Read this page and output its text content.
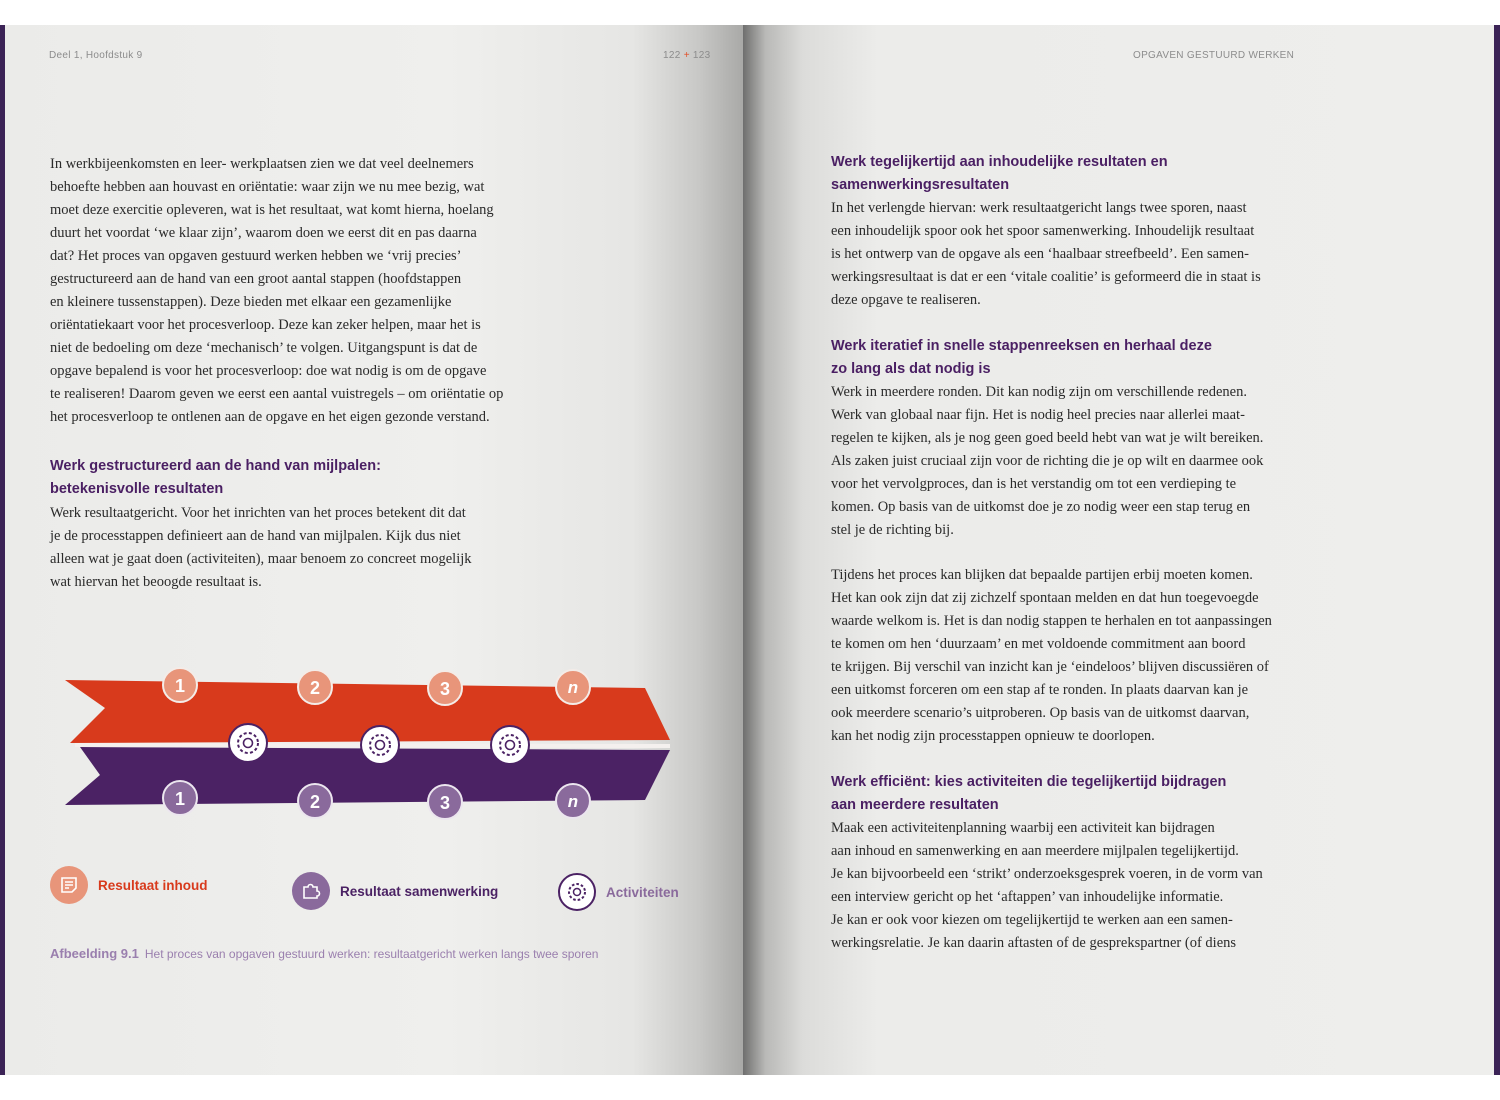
Deel 1, Hoofdstuk 9	122 + 123
In werkbijeenkomsten en leer- werkplaatsen zien we dat veel deelnemers
behoefte hebben aan houvast en oriëntatie: waar zijn we nu mee bezig, wat
moet deze exercitie opleveren, wat is het resultaat, wat komt hierna, hoelang
duurt het voordat ‘we klaar zijn’, waarom doen we eerst dit en pas daarna
dat? Het proces van opgaven gestuurd werken hebben we ‘vrij precies’
gestructureerd aan de hand van een groot aantal stappen (hoofdstappen
en kleinere tussenstappen). Deze bieden met elkaar een gezamenlijke
oriëntatiekaart voor het procesverloop. Deze kan zeker helpen, maar het is
niet de bedoeling om deze ‘mechanisch’ te volgen. Uitgangspunt is dat de
opgave bepalend is voor het procesverloop: doe wat nodig is om de opgave
te realiseren! Daarom geven we eerst een aantal vuistregels – om oriëntatie op
het procesverloop te ontlenen aan de opgave en het eigen gezonde verstand.
Werk gestructureerd aan de hand van mijlpalen:
betekenisvolle resultaten
Werk resultaatgericht. Voor het inrichten van het proces betekent dit dat
je de processtappen definieert aan de hand van mijlpalen. Kijk dus niet
alleen wat je gaat doen (activiteiten), maar benoem zo concreet mogelijk
wat hiervan het beoogde resultaat is.
1	2	3	n
1	2	3	n
Resultaat inhoud	Resultaat samenwerking	Activiteiten
Afbeelding 9.1 Het proces van opgaven gestuurd werken: resultaatgericht werken langs twee sporen
OPGAVEN GESTUURD WERKEN
Werk tegelijkertijd aan inhoudelijke resultaten en
samenwerkingsresultaten
In het verlengde hiervan: werk resultaatgericht langs twee sporen, naast
een inhoudelijk spoor ook het spoor samenwerking. Inhoudelijk resultaat
is het ontwerp van de opgave als een ‘haalbaar streefbeeld’. Een samen-
werkingsresultaat is dat er een ‘vitale coalitie’ is geformeerd die in staat is
deze opgave te realiseren.
Werk iteratief in snelle stappenreeksen en herhaal deze
zo lang als dat nodig is
Werk in meerdere ronden. Dit kan nodig zijn om verschillende redenen.
Werk van globaal naar fijn. Het is nodig heel precies naar allerlei maat-
regelen te kijken, als je nog geen goed beeld hebt van wat je wilt bereiken.
Als zaken juist cruciaal zijn voor de richting die je op wilt en daarmee ook
voor het vervolgproces, dan is het verstandig om tot een verdieping te
komen. Op basis van de uitkomst doe je zo nodig weer een stap terug en
stel je de richting bij.
Tijdens het proces kan blijken dat bepaalde partijen erbij moeten komen.
Het kan ook zijn dat zij zichzelf spontaan melden en dat hun toegevoegde
waarde welkom is. Het is dan nodig stappen te herhalen en tot aanpassingen
te komen om hen ‘duurzaam’ en met voldoende commitment aan boord
te krijgen. Bij verschil van inzicht kan je ‘eindeloos’ blijven discussiëren of
een uitkomst forceren om een stap af te ronden. In plaats daarvan kan je
ook meerdere scenario’s uitproberen. Op basis van de uitkomst daarvan,
kan het nodig zijn processtappen opnieuw te doorlopen.
Werk efficiënt: kies activiteiten die tegelijkertijd bijdragen
aan meerdere resultaten
Maak een activiteitenplanning waarbij een activiteit kan bijdragen
aan inhoud en samenwerking en aan meerdere mijlpalen tegelijkertijd.
Je kan bijvoorbeeld een ‘strikt’ onderzoeksgesprek voeren, in de vorm van
een interview gericht op het ‘aftappen’ van inhoudelijke informatie.
Je kan er ook voor kiezen om tegelijkertijd te werken aan een samen-
werkingsrelatie. Je kan daarin aftasten of de gesprekspartner (of diens
